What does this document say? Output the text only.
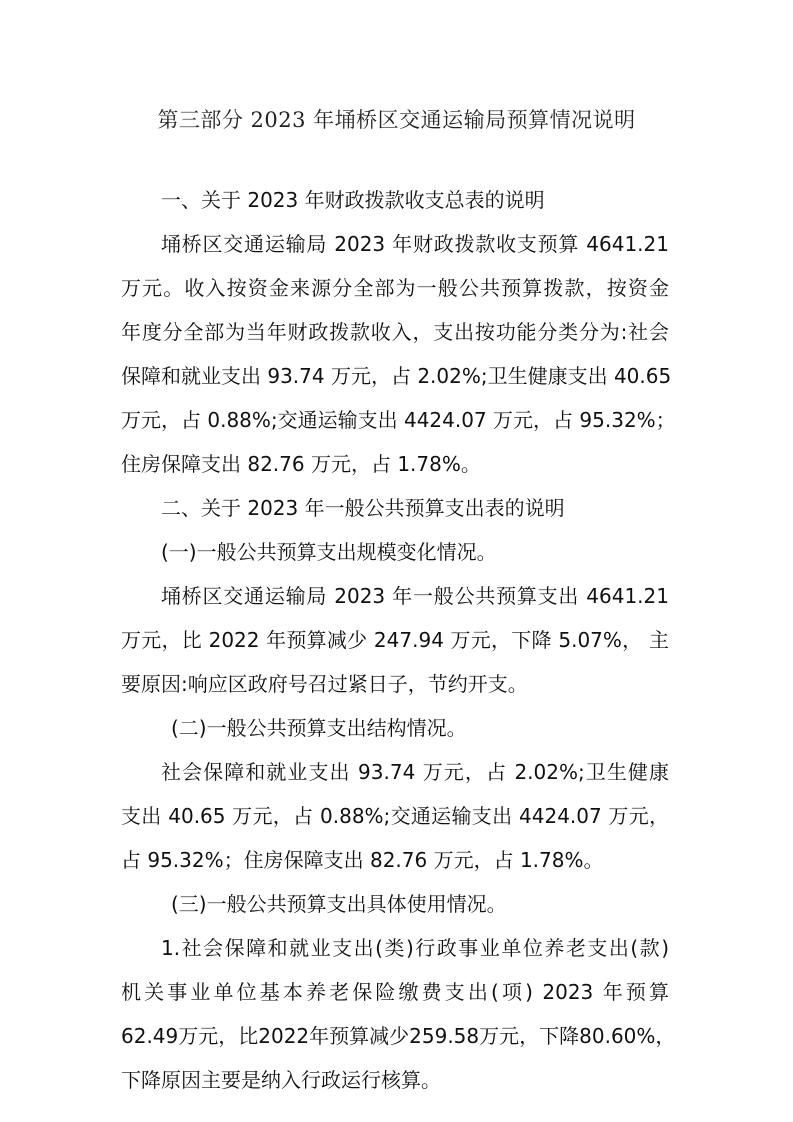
第三部分 2023 年埇桥区交通运输局预算情况说明
一、关于 2023 年财政拨款收支总表的说明
埇桥区交通运输局 2023 年财政拨款收支预算 4641.21
万元。收入按资金来源分全部为一般公共预算拨款，按资金
年度分全部为当年财政拨款收入，支出按功能分类分为:社会
保障和就业支出 93.74 万元，占 2.02%;卫生健康支出 40.65
万元，占 0.88%;交通运输支出 4424.07 万元，占 95.32%；
住房保障支出 82.76 万元，占 1.78%。
二、关于 2023 年一般公共预算支出表的说明
(一)一般公共预算支出规模变化情况。
埇桥区交通运输局 2023 年一般公共预算支出 4641.21
万元，比 2022 年预算减少 247.94 万元，下降 5.07%， 主
要原因:响应区政府号召过紧日子，节约开支。
(二)一般公共预算支出结构情况。
社会保障和就业支出 93.74 万元，占 2.02%;卫生健康
支出 40.65 万元，占 0.88%;交通运输支出 4424.07 万元，
占 95.32%；住房保障支出 82.76 万元，占 1.78%。
(三)一般公共预算支出具体使用情况。
1.社会保障和就业支出(类)行政事业单位养老支出(款)
机关事业单位基本养老保险缴费支出(项) 2023 年预算
62.49万元，比2022年预算减少259.58万元，下降80.60%，
下降原因主要是纳入行政运行核算。
